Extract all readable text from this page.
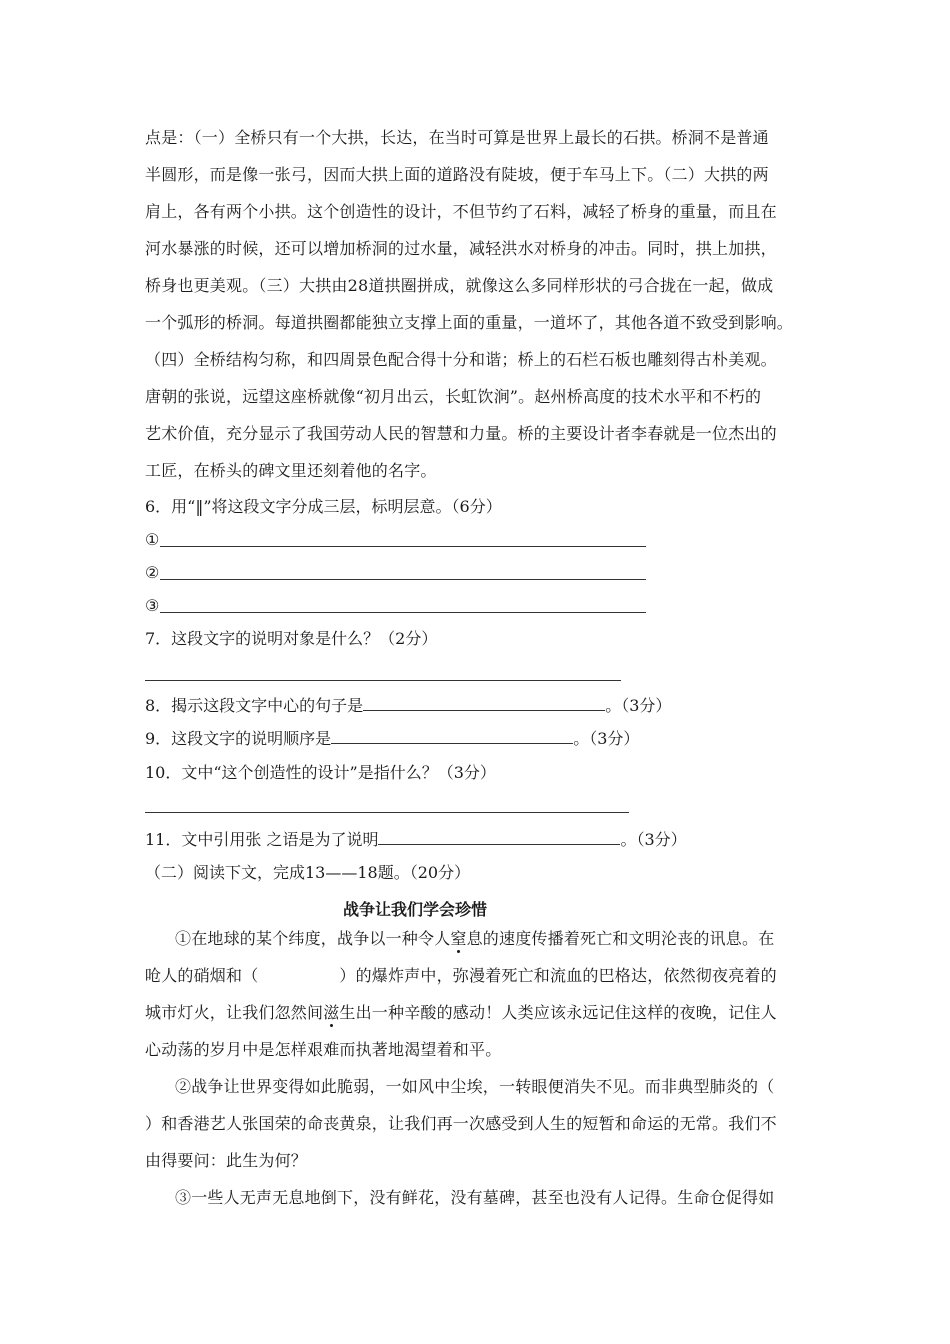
点是：（一）全桥只有一个大拱，长达，在当时可算是世界上最长的石拱。桥洞不是普通
半圆形，而是像一张弓，因而大拱上面的道路没有陡坡，便于车马上下。（二）大拱的两
肩上，各有两个小拱。这个创造性的设计，不但节约了石料，减轻了桥身的重量，而且在
河水暴涨的时候，还可以增加桥洞的过水量，减轻洪水对桥身的冲击。同时，拱上加拱，
桥身也更美观。（三）大拱由28道拱圈拼成，就像这么多同样形状的弓合拢在一起，做成
一个弧形的桥洞。每道拱圈都能独立支撑上面的重量，一道坏了，其他各道不致受到影响。
（四）全桥结构匀称，和四周景色配合得十分和谐；桥上的石栏石板也雕刻得古朴美观。
唐朝的张说，远望这座桥就像“初月出云，长虹饮涧”。赵州桥高度的技术水平和不朽的
艺术价值，充分显示了我国劳动人民的智慧和力量。桥的主要设计者李春就是一位杰出的
工匠，在桥头的碑文里还刻着他的名字。
6．用“‖”将这段文字分成三层，标明层意。（6分）
①
②
③
7．这段文字的说明对象是什么？（2分）
8．揭示这段文字中心的句子是	。（3分）
9．这段文字的说明顺序是	。（3分）
10．文中“这个创造性的设计”是指什么？（3分）
11．文中引用张 之语是为了说明	。（3分）
（二）阅读下文，完成13——18题。（20分）
战争让我们学会珍惜
①在地球的某个纬度，战争以一种令人窒息的速度传播着死亡和文明沦丧的讯息。在
呛人的硝烟和（　　　　　）的爆炸声中，弥漫着死亡和流血的巴格达，依然彻夜亮着的
城市灯火，让我们忽然间滋生出一种辛酸的感动！人类应该永远记住这样的夜晚，记住人
心动荡的岁月中是怎样艰难而执著地渴望着和平。
②战争让世界变得如此脆弱，一如风中尘埃，一转眼便消失不见。而非典型肺炎的（
）和香港艺人张国荣的命丧黄泉，让我们再一次感受到人生的短暂和命运的无常。我们不
由得要问：此生为何？
③一些人无声无息地倒下，没有鲜花，没有墓碑，甚至也没有人记得。生命仓促得如
